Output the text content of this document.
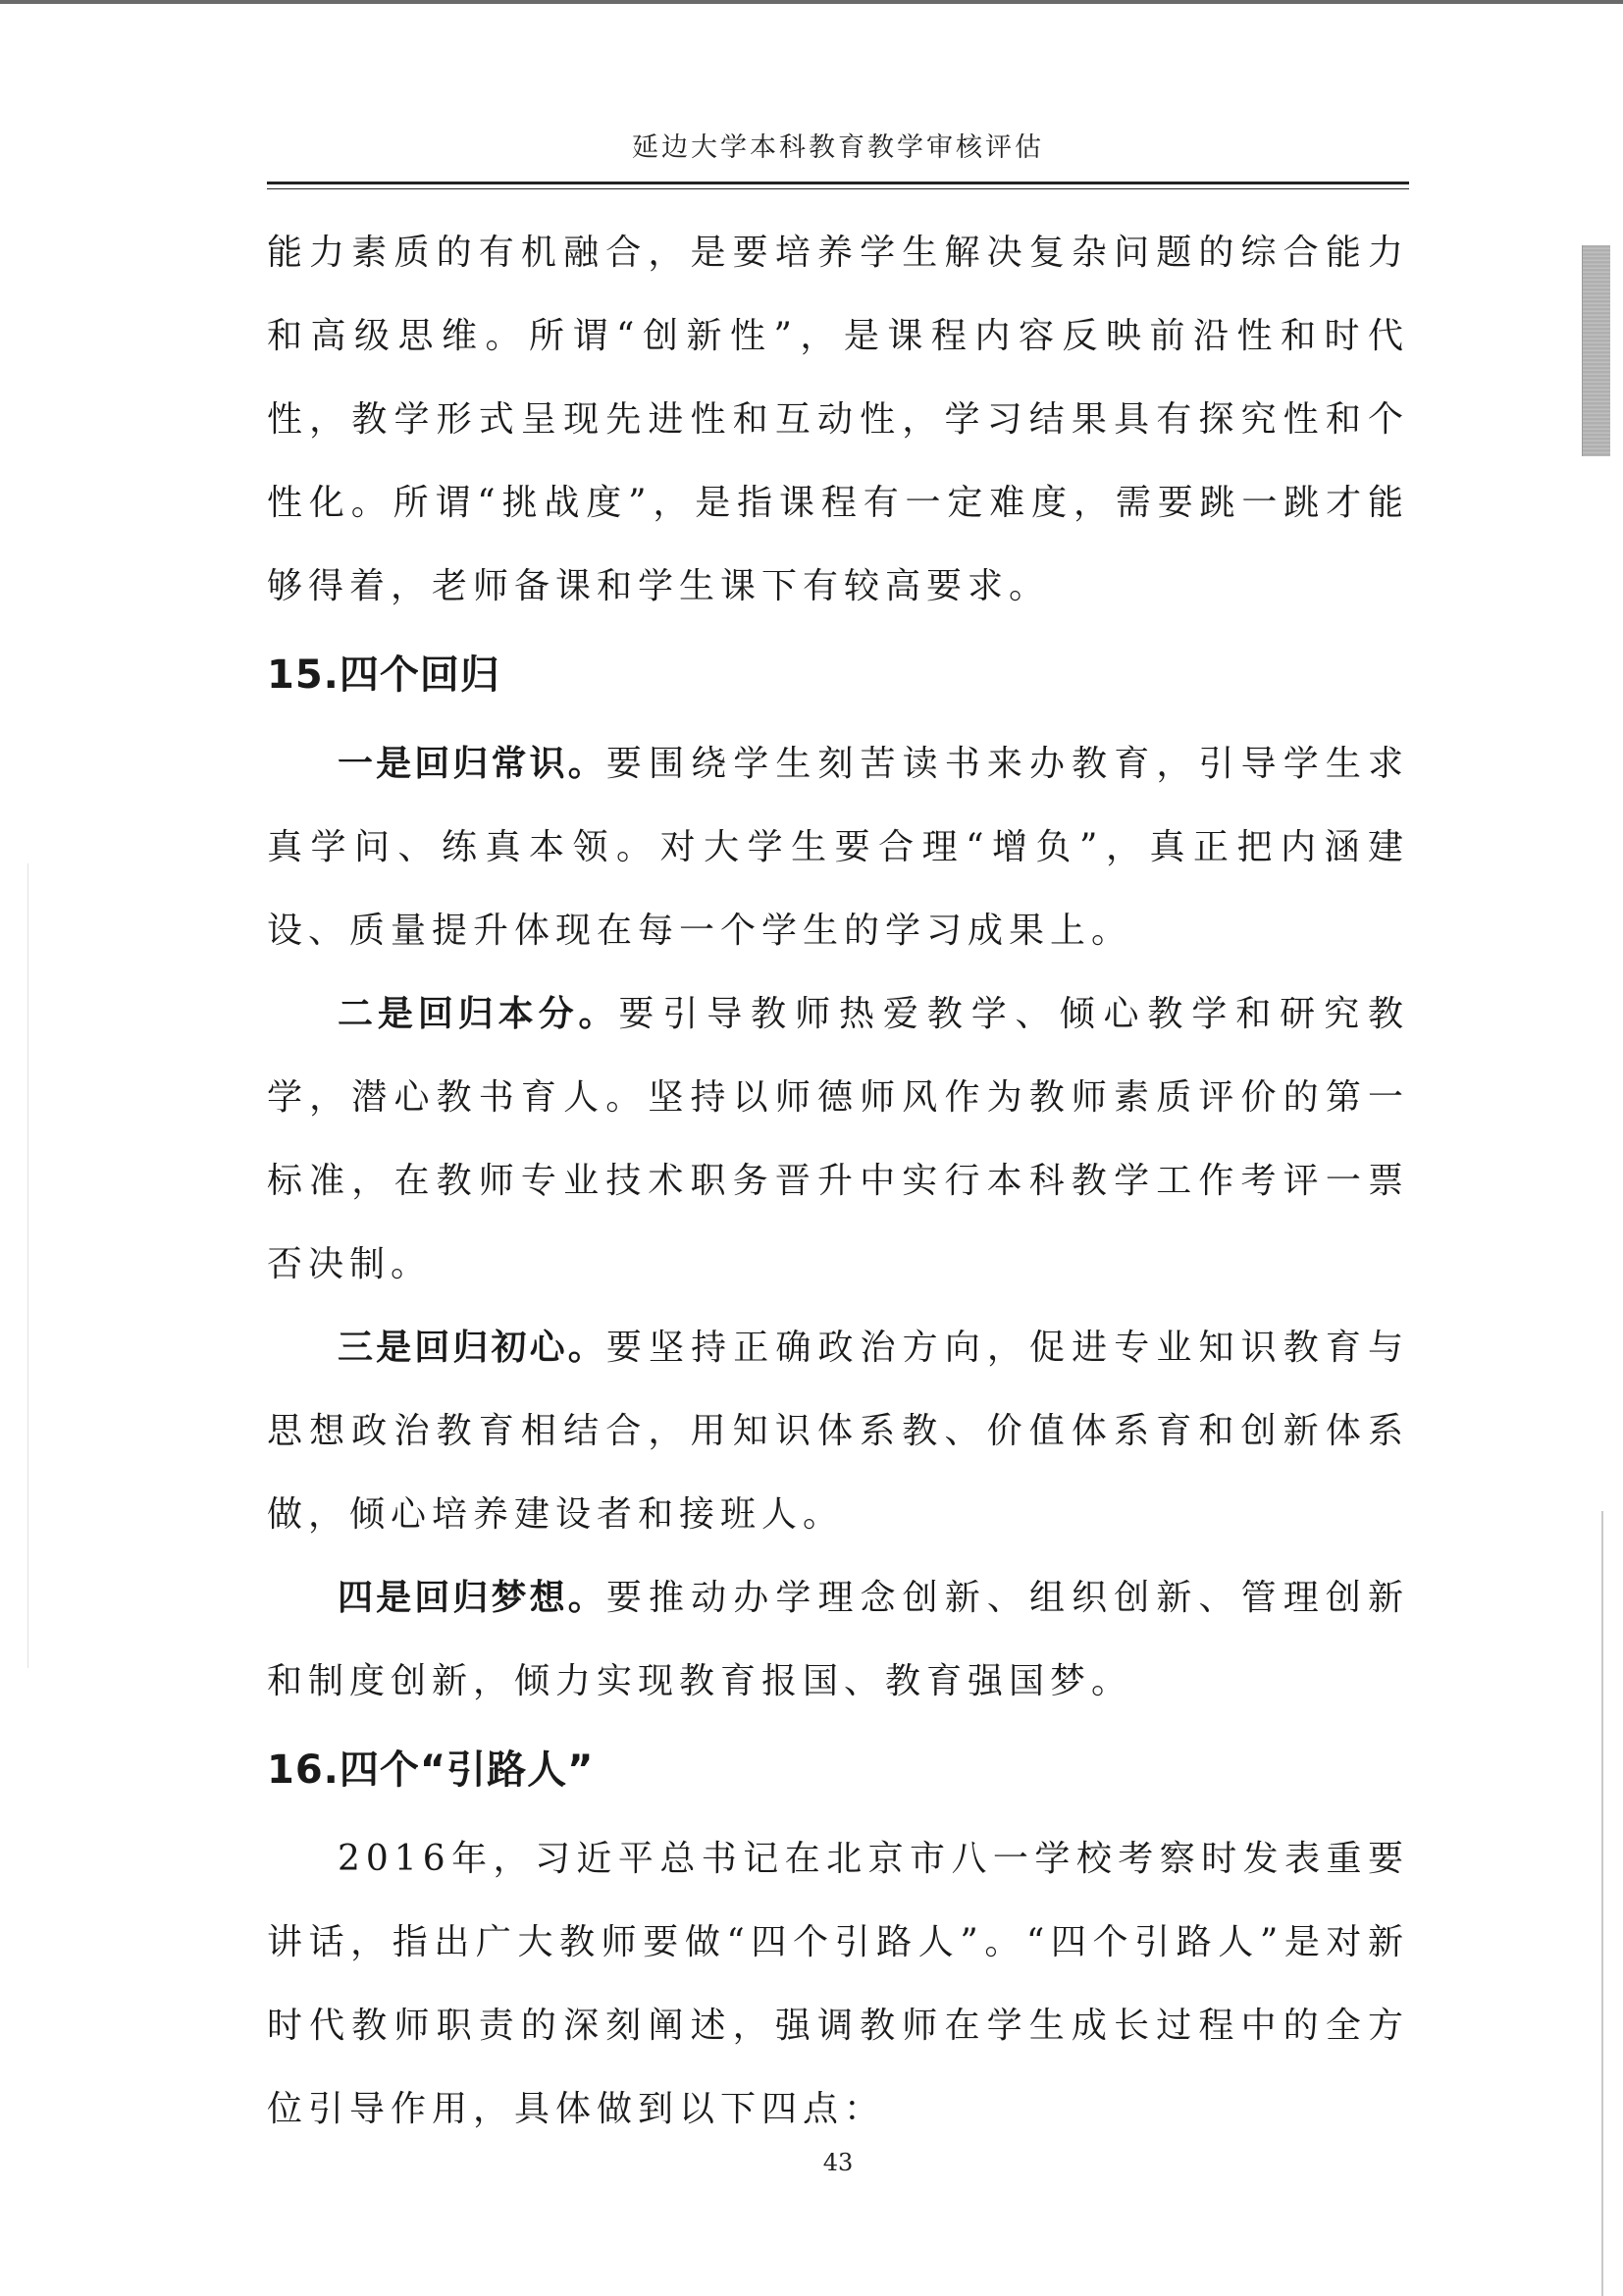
延边大学本科教育教学审核评估

能力素质的有机融合，是要培养学生解决复杂问题的综合能力和高级思维。所谓“创新性”，是课程内容反映前沿性和时代性，教学形式呈现先进性和互动性，学习结果具有探究性和个性化。所谓“挑战度”，是指课程有一定难度，需要跳一跳才能够得着，老师备课和学生课下有较高要求。

15.四个回归

一是回归常识。要围绕学生刻苦读书来办教育，引导学生求真学问、练真本领。对大学生要合理“增负”，真正把内涵建设、质量提升体现在每一个学生的学习成果上。

二是回归本分。要引导教师热爱教学、倾心教学和研究教学，潜心教书育人。坚持以师德师风作为教师素质评价的第一标准，在教师专业技术职务晋升中实行本科教学工作考评一票否决制。

三是回归初心。要坚持正确政治方向，促进专业知识教育与思想政治教育相结合，用知识体系教、价值体系育和创新体系做，倾心培养建设者和接班人。

四是回归梦想。要推动办学理念创新、组织创新、管理创新和制度创新，倾力实现教育报国、教育强国梦。

16.四个“引路人”

2016年，习近平总书记在北京市八一学校考察时发表重要讲话，指出广大教师要做“四个引路人”。“四个引路人”是对新时代教师职责的深刻阐述，强调教师在学生成长过程中的全方位引导作用，具体做到以下四点：

43
